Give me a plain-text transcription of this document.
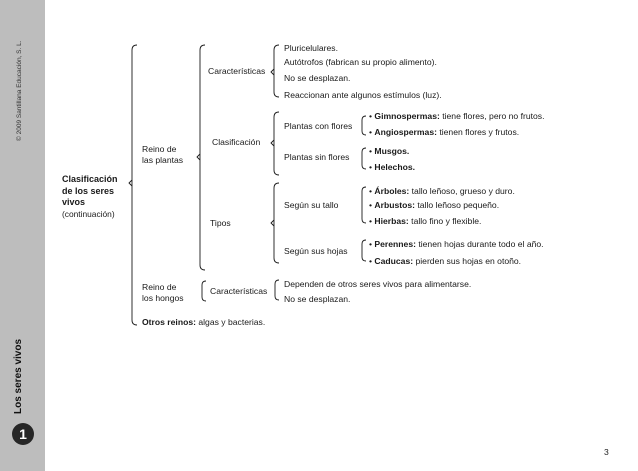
© 2009 Santillana Educación, S. L.
Los seres vivos
1
Clasificación
de los seres
vivos
(continuación)
Reino de
las plantas
Características
Pluricelulares.
Autótrofos (fabrican su propio alimento).
No se desplazan.
Reaccionan ante algunos estímulos (luz).
Clasificación
Plantas con flores
• Gimnospermas: tiene flores, pero no frutos.
• Angiospermas: tienen flores y frutos.
Plantas sin flores
• Musgos.
• Helechos.
Tipos
Según su tallo
• Árboles: tallo leñoso, grueso y duro.
• Arbustos: tallo leñoso pequeño.
• Hierbas: tallo fino y flexible.
Según sus hojas
• Perennes: tienen hojas durante todo el año.
• Caducas: pierden sus hojas en otoño.
Reino de
los hongos
Características
Dependen de otros seres vivos para alimentarse.
No se desplazan.
Otros reinos: algas y bacterias.
3
